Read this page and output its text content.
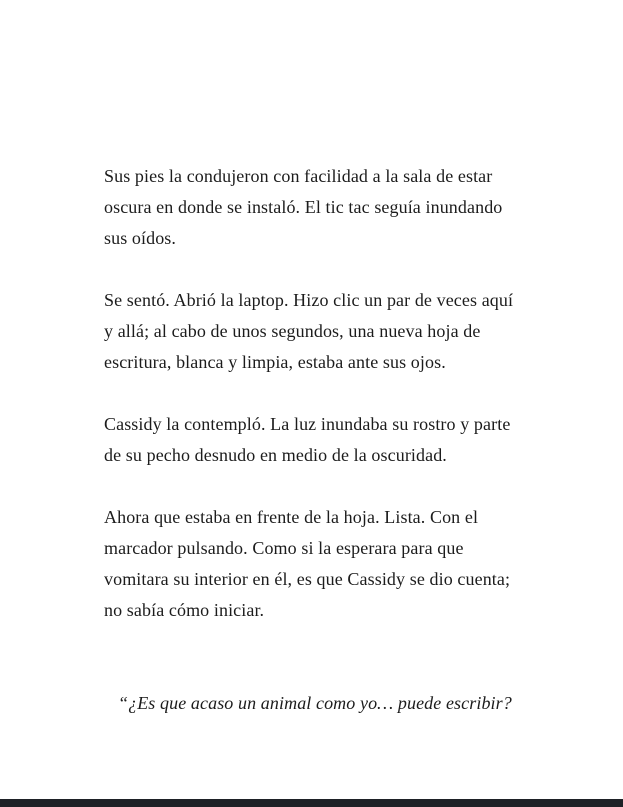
Sus pies la condujeron con facilidad a la sala de estar
oscura en donde se instaló. El tic tac seguía inundando
sus oídos.

Se sentó. Abrió la laptop. Hizo clic un par de veces aquí
y allá; al cabo de unos segundos, una nueva hoja de
escritura, blanca y limpia, estaba ante sus ojos.

Cassidy la contempló. La luz inundaba su rostro y parte
de su pecho desnudo en medio de la oscuridad.

Ahora que estaba en frente de la hoja. Lista. Con el
marcador pulsando. Como si la esperara para que
vomitara su interior en él, es que Cassidy se dio cuenta;
no sabía cómo iniciar.

“¿Es que acaso un animal como yo… puede escribir?
